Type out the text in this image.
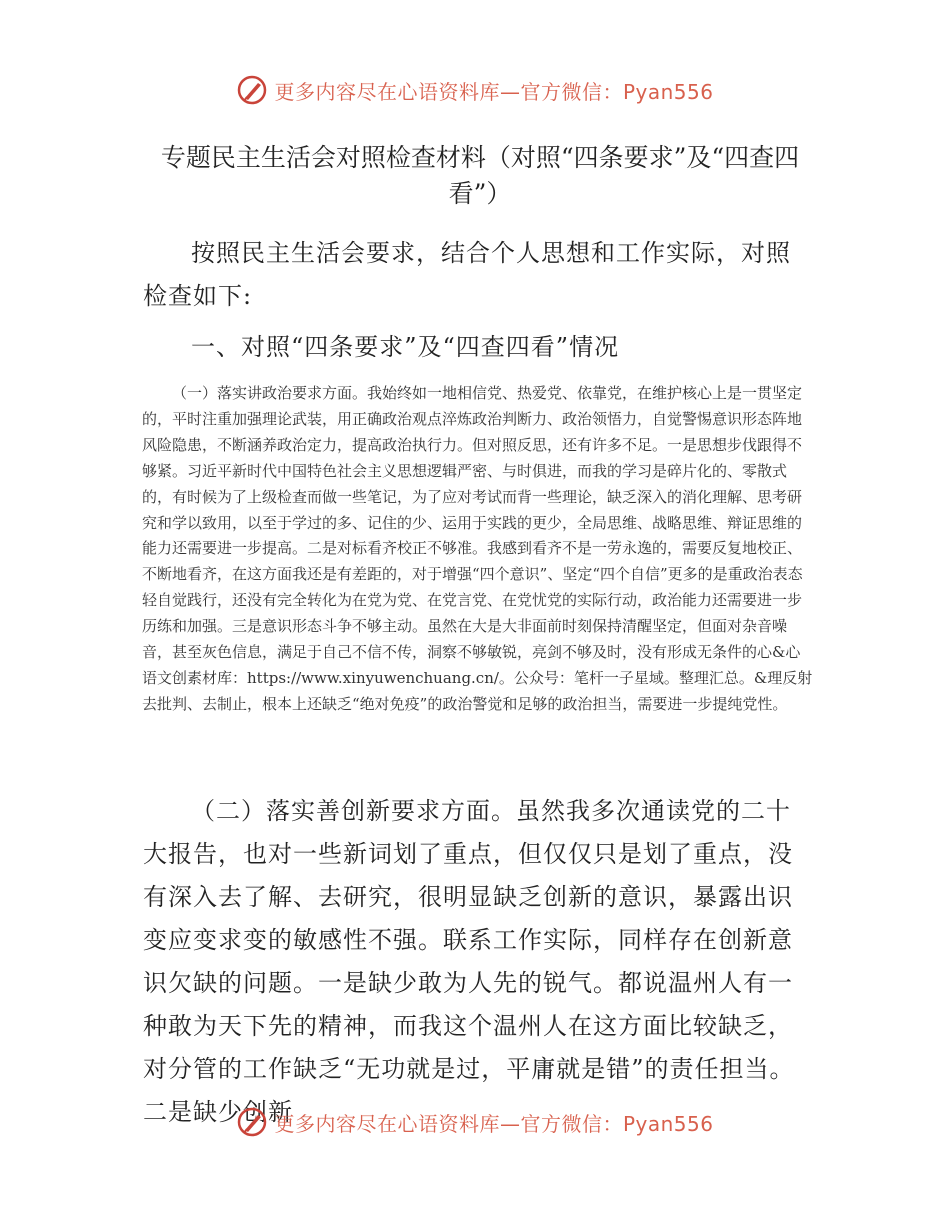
更多内容尽在心语资料库—官方微信：Pyan556
专题民主生活会对照检查材料（对照“四条要求”及“四查四看”）

按照民主生活会要求，结合个人思想和工作实际，对照检查如下:

一、对照“四条要求”及“四查四看”情况

（一）落实讲政治要求方面。我始终如一地相信党、热爱党、依靠党，在维护核心上是一贯坚定的，平时注重加强理论武装，用正确政治观点淬炼政治判断力、政治领悟力，自觉警惕意识形态阵地风险隐患，不断涵养政治定力，提高政治执行力。但对照反思，还有许多不足。一是思想步伐跟得不够紧。习近平新时代中国特色社会主义思想逻辑严密、与时俱进，而我的学习是碎片化的、零散式的，有时候为了上级检查而做一些笔记，为了应对考试而背一些理论，缺乏深入的消化理解、思考研究和学以致用，以至于学过的多、记住的少、运用于实践的更少，全局思维、战略思维、辩证思维的能力还需要进一步提高。二是对标看齐校正不够准。我感到看齐不是一劳永逸的，需要反复地校正、不断地看齐，在这方面我还是有差距的，对于增强“四个意识”、坚定“四个自信”更多的是重政治表态轻自觉践行，还没有完全转化为在党为党、在党言党、在党忧党的实际行动，政治能力还需要进一步历练和加强。三是意识形态斗争不够主动。虽然在大是大非面前时刻保持清醒坚定，但面对杂音噪音，甚至灰色信息，满足于自己不信不传，洞察不够敏锐，亮剑不够及时，没有形成无条件的心&心语文创素材库：https://www.xinyuwenchuang.cn/。公众号：笔杆一子星域。整理汇总。&理反射去批判、去制止，根本上还缺乏“绝对免疫”的政治警觉和足够的政治担当，需要进一步提纯党性。

（二）落实善创新要求方面。虽然我多次通读党的二十大报告，也对一些新词划了重点，但仅仅只是划了重点，没有深入去了解、去研究，很明显缺乏创新的意识，暴露出识变应变求变的敏感性不强。联系工作实际，同样存在创新意识欠缺的问题。一是缺少敢为人先的锐气。都说温州人有一种敢为天下先的精神，而我这个温州人在这方面比较缺乏，对分管的工作缺乏“无功就是过，平庸就是错”的责任担当。二是缺少创新

更多内容尽在心语资料库—官方微信：Pyan556
